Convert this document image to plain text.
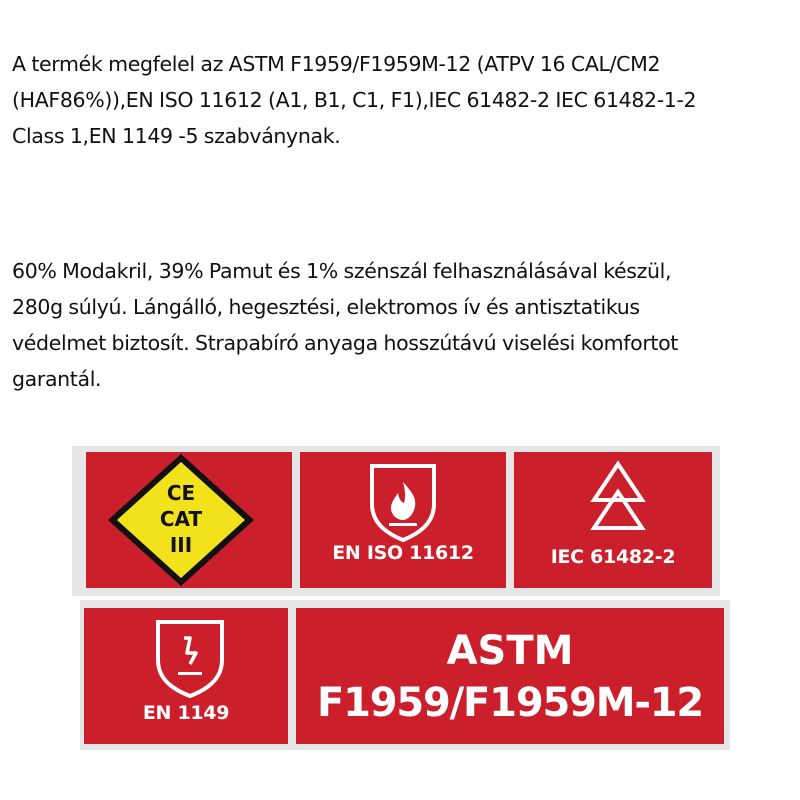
A termék megfelel az ASTM F1959/F1959M-12 (ATPV 16 CAL/CM2
(HAF86%)),EN ISO 11612 (A1, B1, C1, F1),IEC 61482-2 IEC 61482-1-2
Class 1,EN 1149 -5 szabványnak.

60% Modakril, 39% Pamut és 1% szénszál felhasználásával készül,
280g súlyú. Lángálló, hegesztési, elektromos ív és antisztatikus
védelmet biztosít. Strapabíró anyaga hosszútávú viselési komfortot
garantál.

CE
CAT
III	EN ISO 11612	IEC 61482-2
EN 1149
ASTM
F1959/F1959M-12
